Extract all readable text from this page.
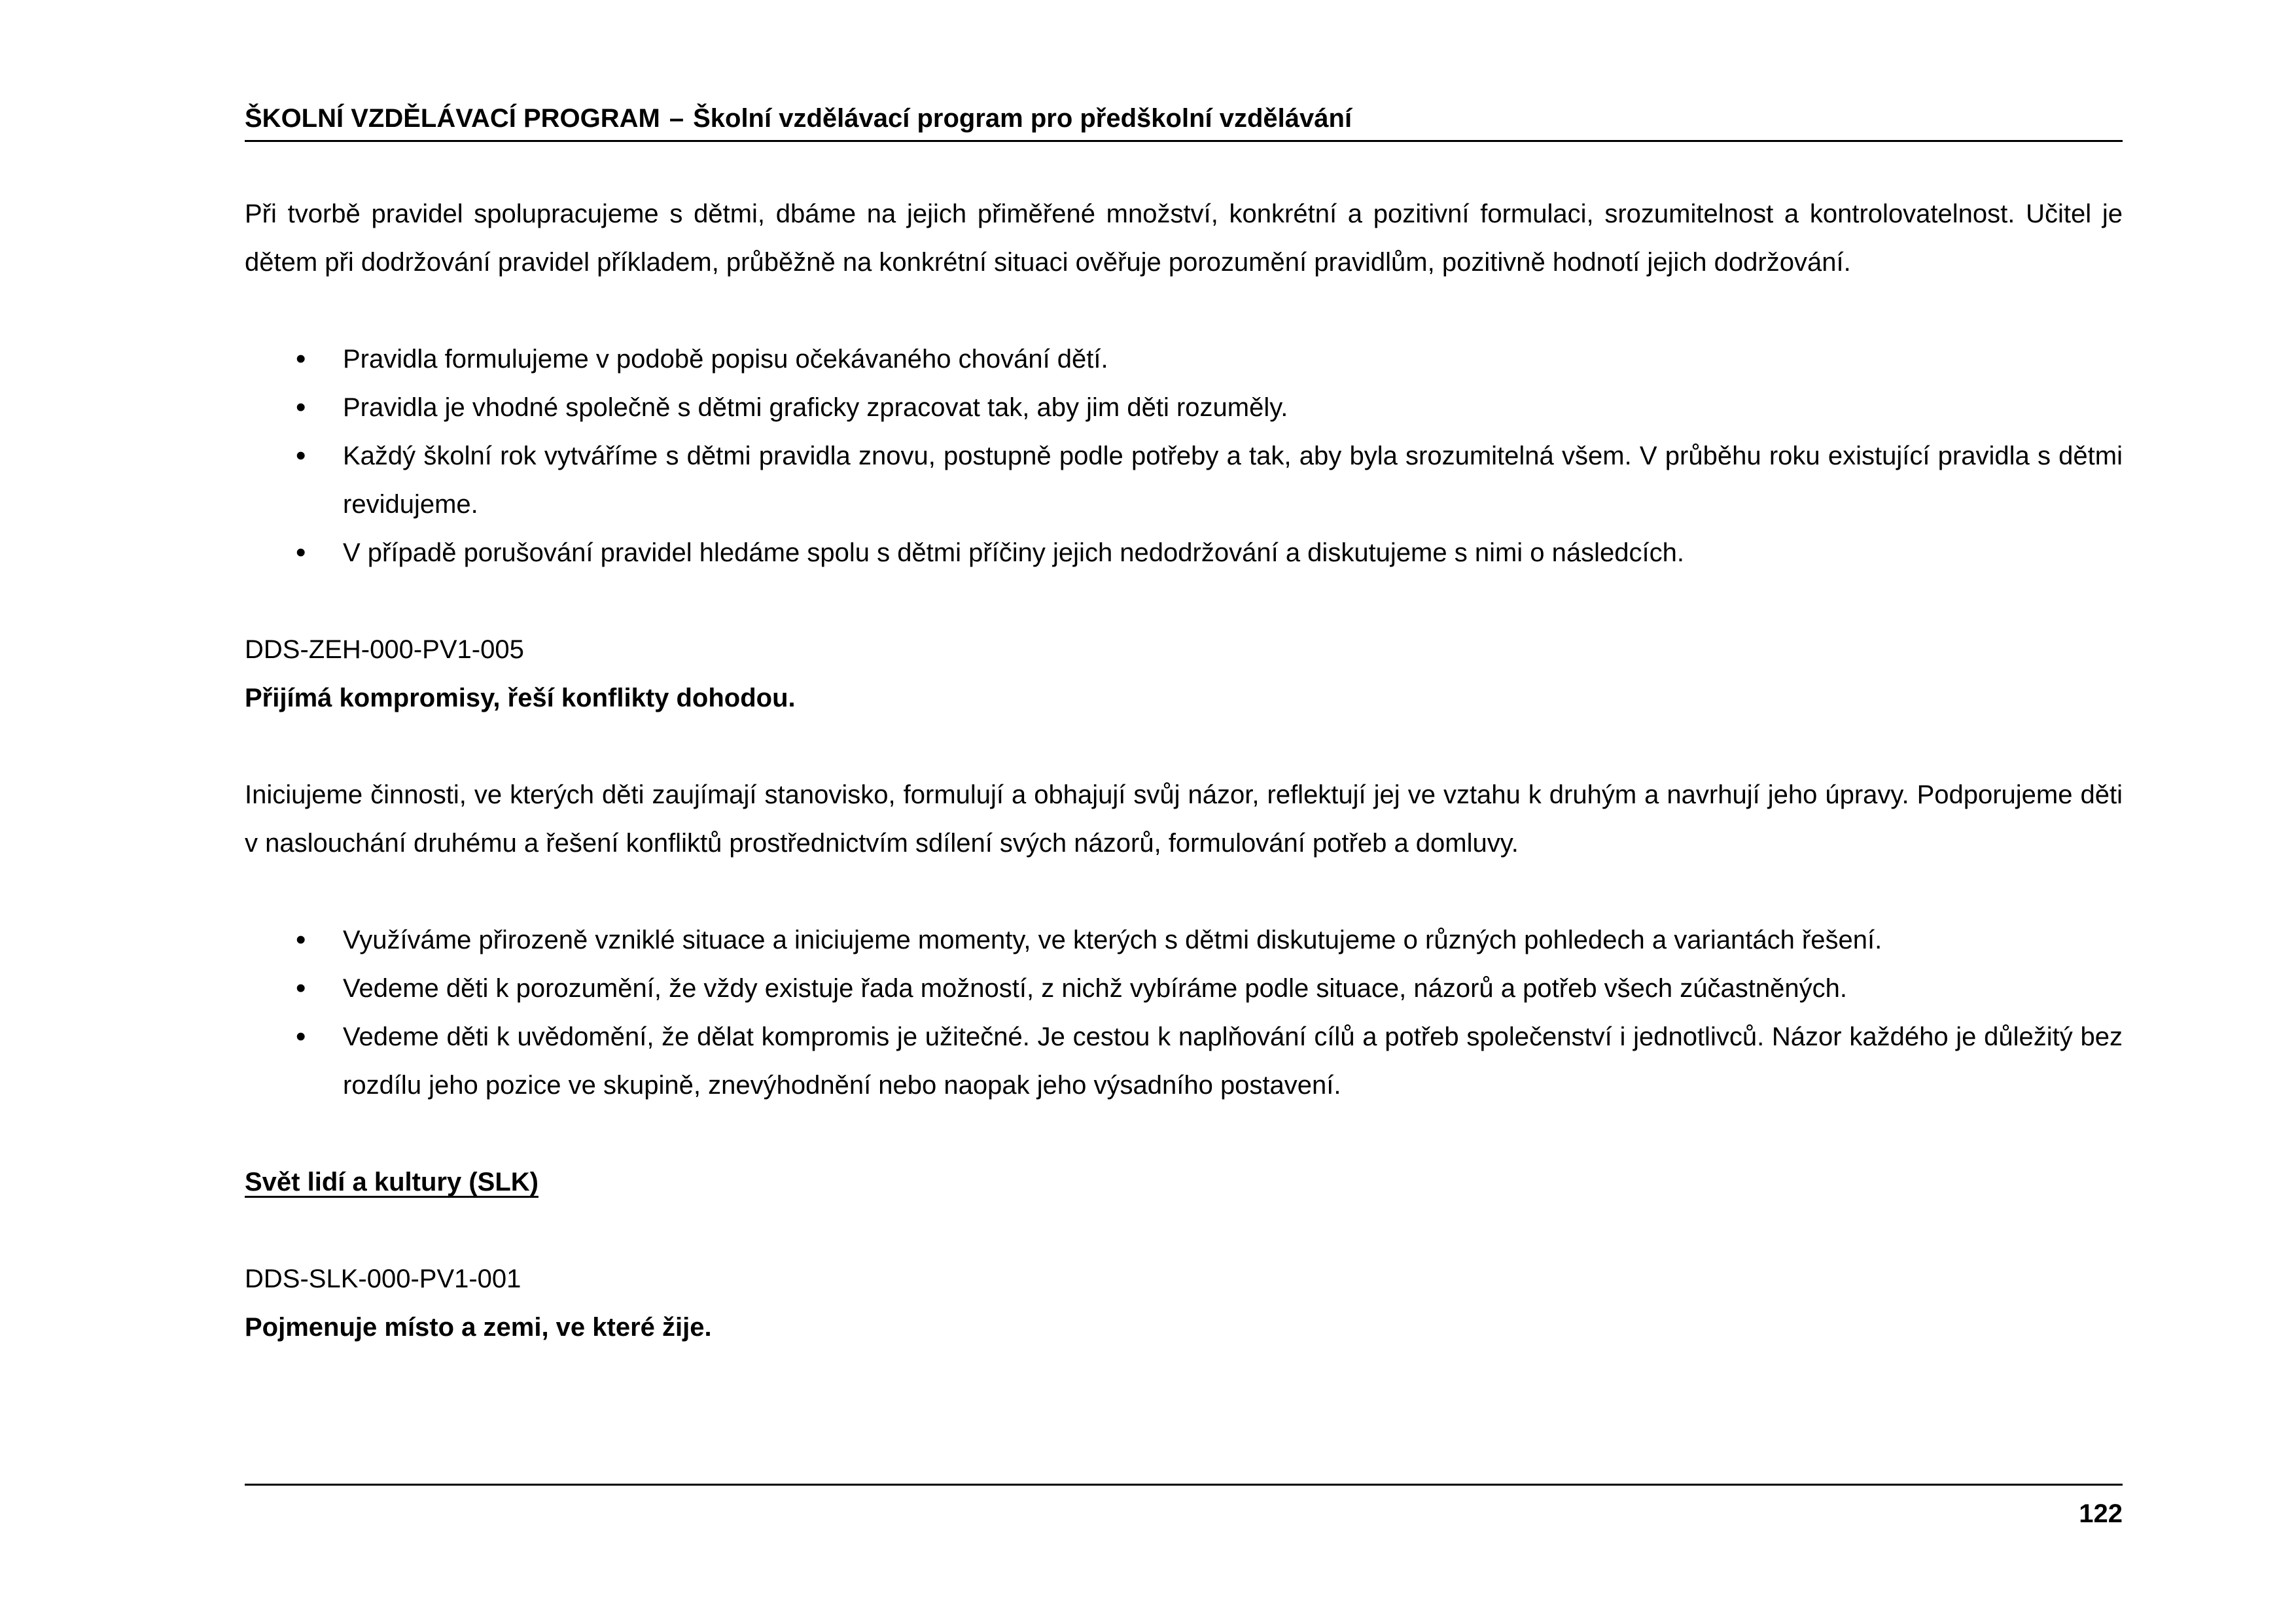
ŠKOLNÍ VZDĚLÁVACÍ PROGRAM – Školní vzdělávací program pro předškolní vzdělávání

Při tvorbě pravidel spolupracujeme s dětmi, dbáme na jejich přiměřené množství, konkrétní a pozitivní formulaci, srozumitelnost a kontrolovatelnost. Učitel je dětem při dodržování pravidel příkladem, průběžně na konkrétní situaci ověřuje porozumění pravidlům, pozitivně hodnotí jejich dodržování.

• Pravidla formulujeme v podobě popisu očekávaného chování dětí.
• Pravidla je vhodné společně s dětmi graficky zpracovat tak, aby jim děti rozuměly.
• Každý školní rok vytváříme s dětmi pravidla znovu, postupně podle potřeby a tak, aby byla srozumitelná všem. V průběhu roku existující pravidla s dětmi revidujeme.
• V případě porušování pravidel hledáme spolu s dětmi příčiny jejich nedodržování a diskutujeme s nimi o následcích.

DDS-ZEH-000-PV1-005

Přijímá kompromisy, řeší konflikty dohodou.

Iniciujeme činnosti, ve kterých děti zaujímají stanovisko, formulují a obhajují svůj názor, reflektují jej ve vztahu k druhým a navrhují jeho úpravy. Podporujeme děti v naslouchání druhému a řešení konfliktů prostřednictvím sdílení svých názorů, formulování potřeb a domluvy.

• Využíváme přirozeně vzniklé situace a iniciujeme momenty, ve kterých s dětmi diskutujeme o různých pohledech a variantách řešení.
• Vedeme děti k porozumění, že vždy existuje řada možností, z nichž vybíráme podle situace, názorů a potřeb všech zúčastněných.
• Vedeme děti k uvědomění, že dělat kompromis je užitečné. Je cestou k naplňování cílů a potřeb společenství i jednotlivců. Názor každého je důležitý bez rozdílu jeho pozice ve skupině, znevýhodnění nebo naopak jeho výsadního postavení.

Svět lidí a kultury (SLK)

DDS-SLK-000-PV1-001

Pojmenuje místo a zemi, ve které žije.

122
